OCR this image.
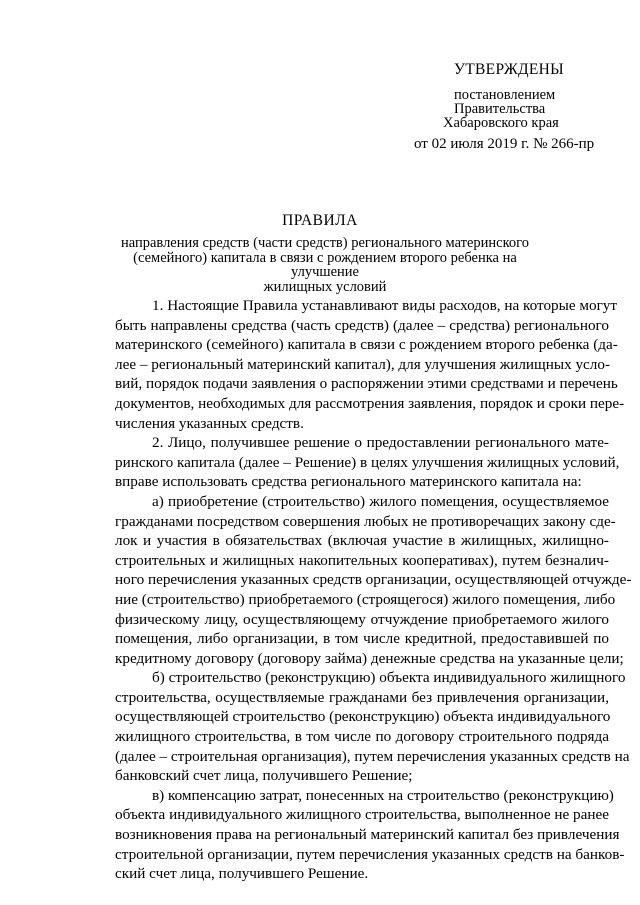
УТВЕРЖДЕНЫ
постановлением
Правительства
Хабаровского края
от 02 июля 2019 г. № 266-пр
ПРАВИЛА
направления средств (части средств) регионального материнского
(семейного) капитала в связи с рождением второго ребенка на улучшение
жилищных условий
1. Настоящие Правила устанавливают виды расходов, на которые могут
быть направлены средства (часть средств) (далее – средства) регионального
материнского (семейного) капитала в связи с рождением второго ребенка (да-
лее – региональный материнский капитал), для улучшения жилищных усло-
вий, порядок подачи заявления о распоряжении этими средствами и перечень
документов, необходимых для рассмотрения заявления, порядок и сроки пере-
числения указанных средств.
2. Лицо, получившее решение о предоставлении регионального мате-
ринского капитала (далее – Решение) в целях улучшения жилищных условий,
вправе использовать средства регионального материнского капитала на:
а) приобретение (строительство) жилого помещения, осуществляемое
гражданами посредством совершения любых не противоречащих закону сде-
лок и участия в обязательствах (включая участие в жилищных, жилищно-
строительных и жилищных накопительных кооперативах), путем безналич-
ного перечисления указанных средств организации, осуществляющей отчужде-
ние (строительство) приобретаемого (строящегося) жилого помещения, либо
физическому лицу, осуществляющему отчуждение приобретаемого жилого
помещения, либо организации, в том числе кредитной, предоставившей по
кредитному договору (договору займа) денежные средства на указанные цели;
б) строительство (реконструкцию) объекта индивидуального жилищного
строительства, осуществляемые гражданами без привлечения организации,
осуществляющей строительство (реконструкцию) объекта индивидуального
жилищного строительства, в том числе по договору строительного подряда
(далее – строительная организация), путем перечисления указанных средств на
банковский счет лица, получившего Решение;
в) компенсацию затрат, понесенных на строительство (реконструкцию)
объекта индивидуального жилищного строительства, выполненное не ранее
возникновения права на региональный материнский капитал без привлечения
строительной организации, путем перечисления указанных средств на банков-
ский счет лица, получившего Решение.
